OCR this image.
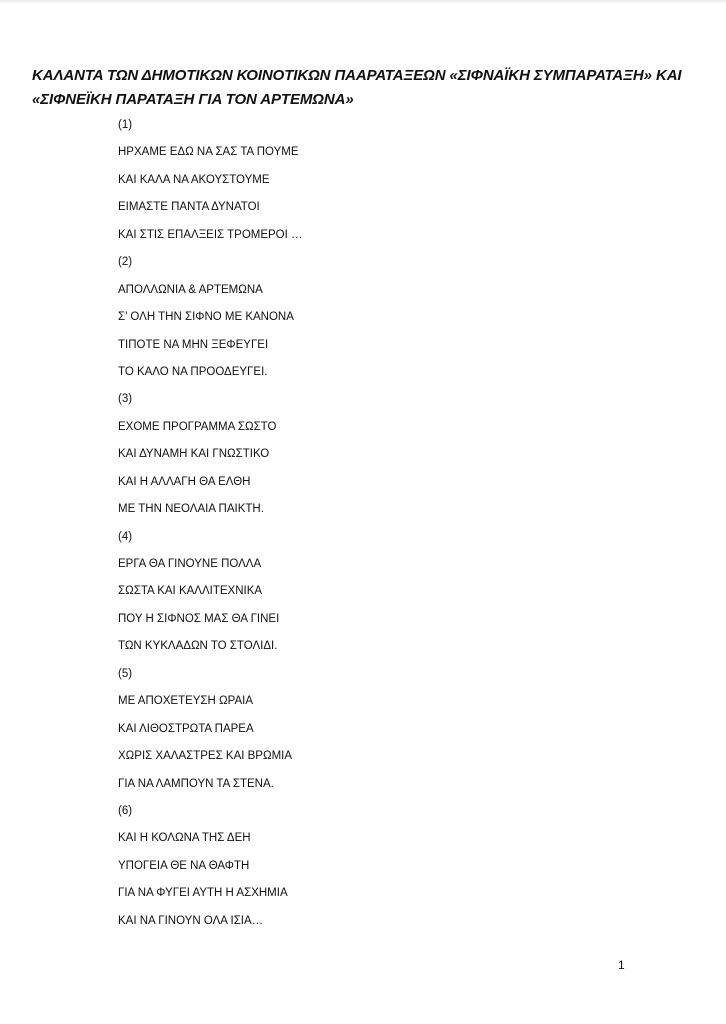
ΚΑΛΑΝΤΑ ΤΩΝ ΔΗΜΟΤΙΚΩΝ ΚΟΙΝΟΤΙΚΩΝ ΠΑΑΡΑΤΑΞΕΩΝ «ΣΙΦΝΑΪΚΗ ΣΥΜΠΑΡΑΤΑΞΗ» ΚΑΙ
«ΣΙΦΝΕΪΚΗ ΠΑΡΑΤΑΞΗ ΓΙΑ ΤΟΝ ΑΡΤΕΜΩΝΑ»
(1)
ΗΡΧΑΜΕ ΕΔΩ ΝΑ ΣΑΣ ΤΑ ΠΟΥΜΕ
ΚΑΙ ΚΑΛΑ ΝΑ ΑΚΟΥΣΤΟΥΜΕ
ΕΙΜΑΣΤΕ ΠΑΝΤΑ ΔΥΝΑΤΟΙ
ΚΑΙ ΣΤΙΣ ΕΠΑΛΞΕΙΣ ΤΡΟΜΕΡΟΙ …
(2)
ΑΠΟΛΛΩΝΙΑ & ΑΡΤΕΜΩΝΑ
Σ’ ΟΛΗ ΤΗΝ ΣΙΦΝΟ ΜΕ ΚΑΝΟΝΑ
ΤΙΠΟΤΕ ΝΑ ΜΗΝ ΞΕΦΕΥΓΕΙ
ΤΟ ΚΑΛΟ ΝΑ ΠΡΟΟΔΕΥΓΕΙ.
(3)
ΕΧΟΜΕ ΠΡΟΓΡΑΜΜΑ ΣΩΣΤΟ
ΚΑΙ ΔΥΝΑΜΗ ΚΑΙ ΓΝΩΣΤΙΚΟ
ΚΑΙ Η ΑΛΛΑΓΗ ΘΑ ΕΛΘΗ
ΜΕ ΤΗΝ ΝΕΟΛΑΙΑ ΠΑΙΚΤΗ.
(4)
ΕΡΓΑ ΘΑ ΓΙΝΟΥΝΕ ΠΟΛΛΑ
ΣΩΣΤΑ ΚΑΙ ΚΑΛΛΙΤΕΧΝΙΚΑ
ΠΟΥ Η ΣΙΦΝΟΣ ΜΑΣ ΘΑ ΓΙΝΕΙ
ΤΩΝ ΚΥΚΛΑΔΩΝ ΤΟ ΣΤΟΛΙΔΙ.
(5)
ΜΕ ΑΠΟΧΕΤΕΥΣΗ ΩΡΑΙΑ
ΚΑΙ ΛΙΘΟΣΤΡΩΤΑ ΠΑΡΕΑ
ΧΩΡΙΣ ΧΑΛΑΣΤΡΕΣ ΚΑΙ ΒΡΩΜΙΑ
ΓΙΑ ΝΑ ΛΑΜΠΟΥΝ ΤΑ ΣΤΕΝΑ.
(6)
ΚΑΙ Η ΚΟΛΩΝΑ ΤΗΣ ΔΕΗ
ΥΠΟΓΕΙΑ ΘΕ ΝΑ ΘΑΦΤΗ
ΓΙΑ ΝΑ ΦΥΓΕΙ ΑΥΤΗ Η ΑΣΧΗΜΙΑ
ΚΑΙ ΝΑ ΓΙΝΟΥΝ ΟΛΑ ΙΣΙΑ…
1
